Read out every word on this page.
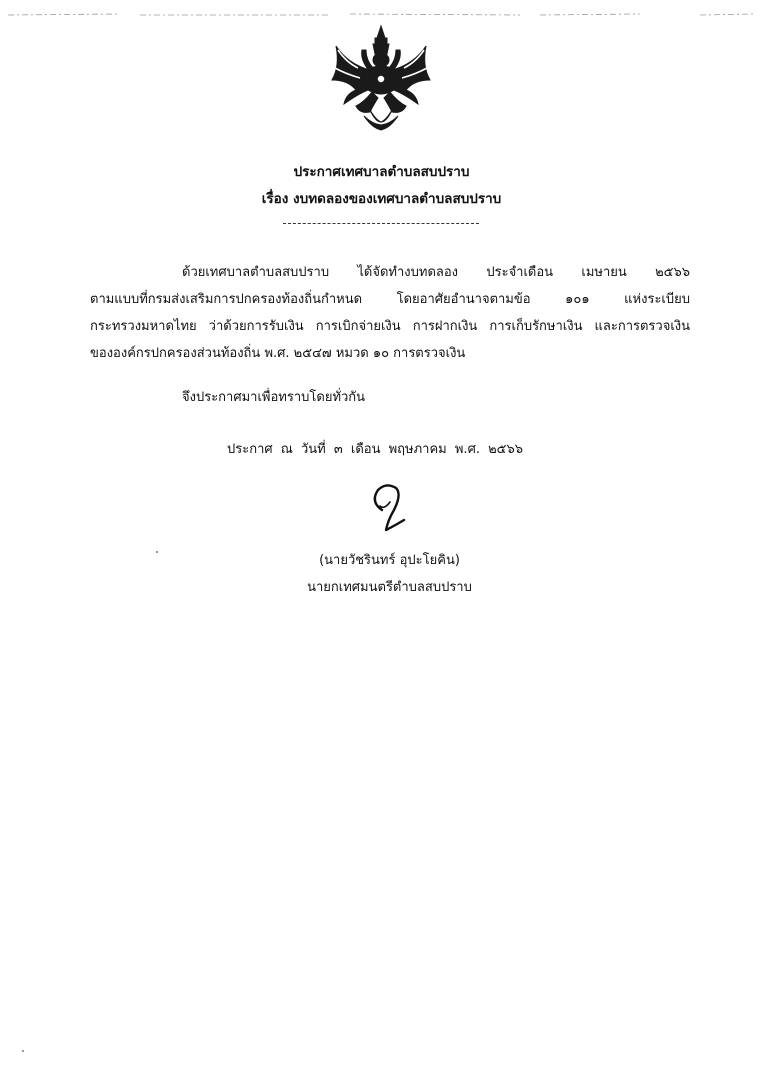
ประกาศเทศบาลตำบลสบปราบ
เรื่อง งบทดลองของเทศบาลตำบลสบปราบ
ด้วยเทศบาลตำบลสบปราบ ได้จัดทำงบทดลอง ประจำเดือน เมษายน ๒๕๖๖
ตามแบบที่กรมส่งเสริมการปกครองท้องถิ่นกำหนด โดยอาศัยอำนาจตามข้อ ๑๐๑ แห่งระเบียบ
กระทรวงมหาดไทย ว่าด้วยการรับเงิน การเบิกจ่ายเงิน การฝากเงิน การเก็บรักษาเงิน และการตรวจเงิน
ขององค์กรปกครองส่วนท้องถิ่น พ.ศ. ๒๕๔๗ หมวด ๑๐ การตรวจเงิน
จึงประกาศมาเพื่อทราบโดยทั่วกัน
ประกาศ ณ วันที่ ๓ เดือน พฤษภาคม พ.ศ. ๒๕๖๖
(นายวัชรินทร์ อุปะโยคิน)
นายกเทศมนตรีตำบลสบปราบ
